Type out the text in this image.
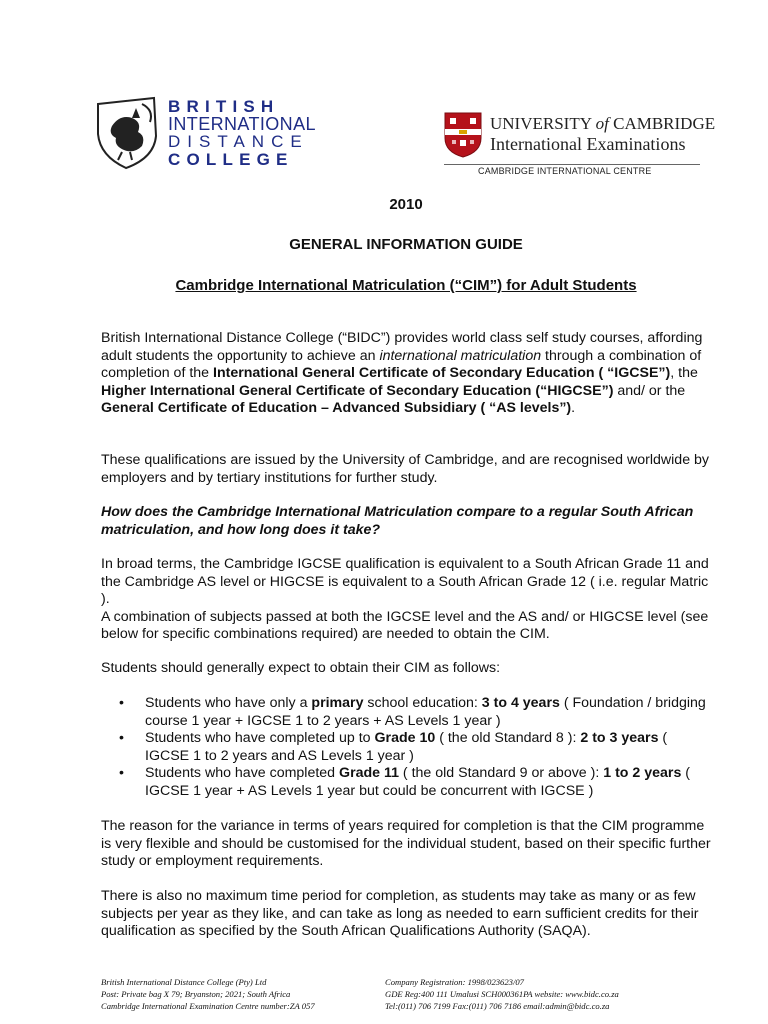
BRITISH
INTERNATIONAL
DISTANCE
COLLEGE
UNIVERSITY of CAMBRIDGE
International Examinations
CAMBRIDGE INTERNATIONAL CENTRE
2010
GENERAL INFORMATION GUIDE
Cambridge International Matriculation (“CIM”) for Adult Students

British International Distance College (“BIDC”) provides world class self study courses, affording adult students the opportunity to achieve an international matriculation through a combination of completion of the International General Certificate of Secondary Education ( “IGCSE”), the Higher International General Certificate of Secondary Education (“HIGCSE”) and/ or the General Certificate of Education – Advanced Subsidiary ( “AS levels”).

These qualifications are issued by the University of Cambridge, and are recognised worldwide by employers and by tertiary institutions for further study.

How does the Cambridge International Matriculation compare to a regular South African matriculation, and how long does it take?

In broad terms, the Cambridge IGCSE qualification is equivalent to a South African Grade 11 and the Cambridge AS level or HIGCSE is equivalent to a South African Grade 12 ( i.e. regular Matric ).

A combination of subjects passed at both the IGCSE level and the AS and/ or HIGCSE level (see below for specific combinations required) are needed to obtain the CIM.

Students should generally expect to obtain their CIM as follows:

• Students who have only a primary school education: 3 to 4 years ( Foundation / bridging course 1 year + IGCSE 1 to 2 years + AS Levels 1 year )
• Students who have completed up to Grade 10 ( the old Standard 8 ): 2 to 3 years ( IGCSE 1 to 2 years and AS Levels 1 year )
• Students who have completed Grade 11 ( the old Standard 9 or above ): 1 to 2 years ( IGCSE 1 year + AS Levels 1 year but could be concurrent with IGCSE )

The reason for the variance in terms of years required for completion is that the CIM programme is very flexible and should be customised for the individual student, based on their specific further study or employment requirements.

There is also no maximum time period for completion, as students may take as many or as few subjects per year as they like, and can take as long as needed to earn sufficient credits for their qualification as specified by the South African Qualifications Authority (SAQA).

British International Distance College (Pty) Ltd
Post: Private bag X 79; Bryanston; 2021; South Africa
Cambridge International Examination Centre number:ZA 057
Company Registration: 1998/023623/07
GDE Reg:400 111 Umalusi SCH000361PA website: www.bidc.co.za
Tel:(011) 706 7199 Fax:(011) 706 7186 email:admin@bidc.co.za
